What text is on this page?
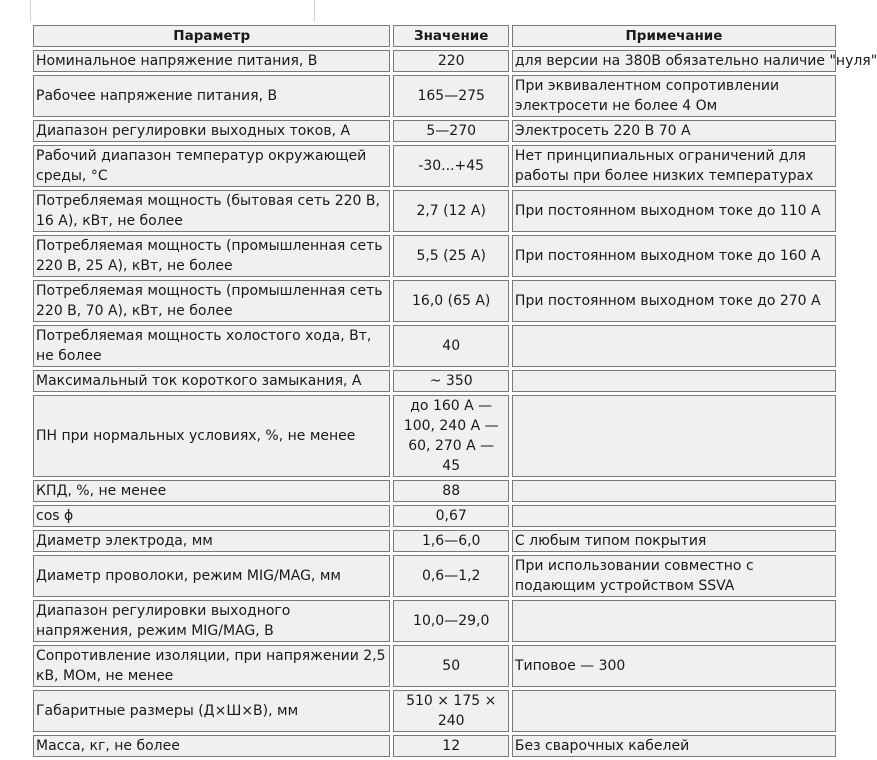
Параметр	Значение	Примечание
Номинальное напряжение питания, В	220	для версии на 380В обязательно наличие "нуля"
Рабочее напряжение питания, В	165—275	При эквивалентном сопротивлении электросети не более 4 Ом
Диапазон регулировки выходных токов, А	5—270	Электросеть 220 В 70 А
Рабочий диапазон температур окружающей среды, °С	-30...+45	Нет принципиальных ограничений для работы при более низких температурах
Потребляемая мощность (бытовая сеть 220 В, 16 А), кВт, не более	2,7 (12 А)	При постоянном выходном токе до 110 А
Потребляемая мощность (промышленная сеть 220 В, 25 А), кВт, не более	5,5 (25 А)	При постоянном выходном токе до 160 А
Потребляемая мощность (промышленная сеть 220 В, 70 А), кВт, не более	16,0 (65 А)	При постоянном выходном токе до 270 А
Потребляемая мощность холостого хода, Вт, не более	40	
Максимальный ток короткого замыкания, А	~ 350	
ПН при нормальных условиях, %, не менее	до 160 А — 100, 240 А — 60, 270 А — 45	
КПД, %, не менее	88	
cos ϕ	0,67	
Диаметр электрода, мм	1,6—6,0	С любым типом покрытия
Диаметр проволоки, режим MIG/MAG, мм	0,6—1,2	При использовании совместно с подающим устройством SSVA
Диапазон регулировки выходного напряжения, режим MIG/MAG, В	10,0—29,0	
Сопротивление изоляции, при напряжении 2,5 кВ, МОм, не менее	50	Типовое — 300
Габаритные размеры (Д×Ш×В), мм	510 × 175 × 240	
Масса, кг, не более	12	Без сварочных кабелей
